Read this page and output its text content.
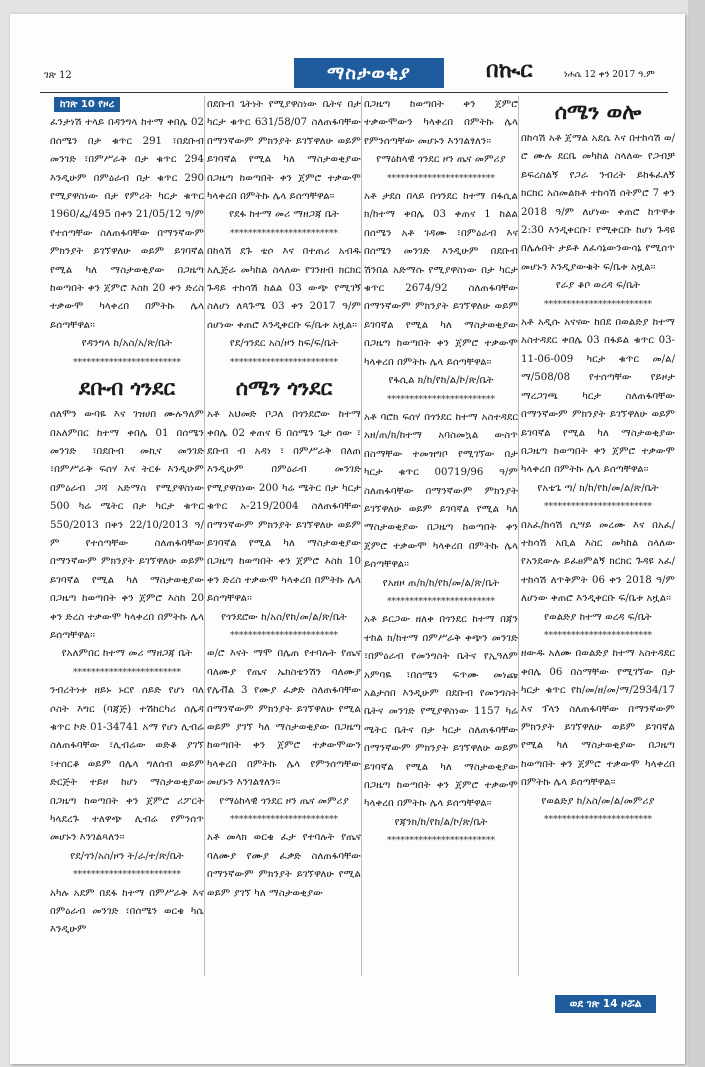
ገጽ 12	ማስታወቂያ	በኲር	ነሐሴ 12 ቀን 2017 ዓ.ም
ከገጽ 10 የዞረ
ፈንታነሽ ተላይ በዳንግላ ከተማ ቀበሌ 02 በሰሜን በታ ቁጥር 291 ፣በደቡብ መንገድ ፣በምሥራቅ በታ ቁጥር 294 እንዲሁም በምዕራብ በታ ቁጥር 290 የሚያዋስነው በታ የምሪት ካርታ ቁጥር 1960/ፌ/495 በቀን 21/05/12 ዓ/ም የተሰጣቸው ስለጠፋባቸው በማንኛውም ምክንያት ይገኘዋለሁ ወይም ይገባኛል የሚል ካለ ማስታወቂያው በጋዜጣ ከወጣበት ቀን ጀምሮ እስከ 20 ቀን ድረስ ተቃውሞ ካላቀረበ በምትኩ ሌላ ይሰጣቸዋል፡፡
የዳንግላ ከ/አስ/አ/ጽ/ቤት
************************
ደቡብ ጎንደር
ሰለሞን ውባዬ እና ገዝሀበ ሙሉዓለም በአለምበር ከተማ ቀበሌ 01 በሰሜን መንገድ ፣በደቡብ መኪና መንገድ ፣በምሥራቅ ፍሰሃ እና ትርፉ እንዲሁም በምዕራብ ጋሻ አድማስ የሚያዋስነው 500 ካሬ ሜትር በታ ካርታ ቁጥር 550/2013 በቀን 22/10/2013 ዓ/ም የተሰጣቸው ስለጠፋባቸው በማንኛውም ምክንያት ይገኘዋለሁ ወይም ይገባኛል የሚል ካለ ማስታወቂያው በጋዜጣ ከወጣበት ቀን ጀምሮ እስከ 20 ቀን ድረስ ተቃውሞ ካላቀረበ በምትኩ ሌላ ይሰጣቸዋል፡፡
የአለምበር ከተማ መሪ ማዘጋጃ ቤት
************************
ንብረትነቱ ዘይኑ ኑርየ ሰይድ የሆነ ባለ ሶስት እግር (ባጃጅ) ተሽከርካሪ ሰሌዳ ቁጥር ኮድ 01-34741 አማ የሆነ ሊብሬ ስለጠፋባቸው ፣ሊብሬው ወድቆ ያገኘ ፣ተሰርቆ ወይም በሌላ ግለሰብ ወይም ድርጅት ተይዞ ከሆነ ማስታወቂያው በጋዜጣ ከወጣበት ቀን ጀምሮ ሪፖርት ካላደረጉ ተለዋጭ ሊብሬ የምንሰጥ መሆኑን እንገልጻለን፡፡
የደ/ጎን/አስ/ዞን ት/ራ/ተ/ጽ/ቤት
************************
አካሉ አደም በደፋ ከተማ በምሥራቅ እና በምዕራብ መንገድ ፣በሰሜን ወርቄ ካሴ እንዲሁም
በደቡብ ጌትነት የሚያዋስነው ቤትና በታ ካርታ ቁጥር 631/58/07 ስለጠፋባቸው በማንኛውም ምክንያት ይገኘዋለሁ ወይም ይገባኛል የሚል ካለ ማስታወቂያው በጋዜጣ ከወጣበት ቀን ጀምሮ ተቃውሞ ካላቀረበ በምትኩ ሌላ ይሰጣቸዋል፡፡
የደፋ ከተማ መሪ ማዘጋጃ ቤት
************************
በከላሽ ደጉ ቴሶ እና በተጠሪ አብዱ አሊጅራ መካከል ስላለው የገንዘብ ክርክር ጉዳይ ተከሳሽ ከልል 03 ውጭ የሚገኝ ስለሆነ ለጳጉሜ 03 ቀን 2017 ዓ/ም ሰሆነው ቀጠሮ እንዲቀርቡ ፍ/ቤቱ አዟል፡፡
የደ/ጎንደር አስ/ዞን ከፍ/ፍ/ቤት
************************
ሰሜን ጎንደር
አቶ አህመድ ቦጋለ በጎንደሮው ከተማ ቀበሌ 02 ቀጠና 6 በሰሜን ጌታ ሰው ፣ ደቡብ ብ አዳነ ፣ በምሥራቅ በለጠ እንዲሁም በምዕራብ መንገድ የሚያዋስነው 200 ካሬ ሜትር በታ ካርታ ቁጥር አ-219/2004 ስለጠፋባቸው በማንኛውም ምክንያት ይገኘዋለሁ ወይም ይገባኛል የሚል ካለ ማስታወቂያው በጋዜጣ ከወጣበት ቀን ጀምሮ እስከ 10 ቀን ድረስ ተቃውሞ ካላቀረበ በምትኩ ሌላ ይሰጣቸዋል፡፡
የጎንደሮው ከ/አስ/የከ/መ/ል/ጽ/ቤት
************************
ወ/ሮ እናት ማሞ በሌጠ የተባሉት የጤና ባለሙያ የጤና ኤክስቴንሽን ባለሙያ የሌቭል 3 የሙያ ፈቃድ ስለጠፋባቸው በማንኛውም ምክንያት ይገኘዋለሁ የሚል ወይም ያገኘ ካለ ማስታወቂያው በጋዜጣ ከወጣበት ቀን ጀምሮ ተቃውሞውን ካላቀረበ በምትኩ ሌላ የምንሰጣቸው መሆኑን እንገልፃለን፡፡
የማዕከላዊ ጎንደር ዞን ጤና መምሪያ
************************
አቶ መላክ ወርቄ ፈታ የተባሉት የጤና ባለሙያ የሙያ ፈቃድ ስለጠፋባቸው በማንኛውም ምክንያት ይገኘዋለሁ የሚል ወይም ያገኘ ካለ ማስታወቂያው
በጋዜጣ ከወጣበት ቀን ጀምሮ ተቃውሞውን ካላቀረበ በምትኩ ሌላ የምንሰጣቸው መሆኑን እንገልፃለን፡፡
የማዕከላዊ ጎንደር ዞን ጤና መምሪያ
************************
አቶ ታደሰ በላይ በጎንደር ከተማ በፋሲል ክ/ከተማ ቀበሌ 03 ቀጠና 1 ከልል በሰሜን አቶ ገዳሙ ፣በምዕራብ እና በሰሜን መንገድ እንዲሁም በደቡብ ሽንበል አድማሱ የሚያዋስነው በታ ካርታ ቁጥር 2674/92 ስለጠፋባቸው በማንኛውም ምክንያት ይገኘዋለሁ ወይም ይገባኛል የሚል ካለ ማስታወቂያው በጋዜጣ ከወጣበት ቀን ጀምሮ ተቃውሞ ካላቀረበ በምትኩ ሌላ ይሰጣቸዋል፡፡
የፋሲል ክ/ከ/የከ/ል/ኮ/ጽ/ቤት
************************
አቶ ባሮክ ፍሰሃ በጎንደር ከተማ አስተዳደር አዘ/ጠ/ክ/ከተማ አባስመኳል ውስጥ በስማቸው ተመዝግቦ የሚገኘው በታ ካርታ ቁጥር 00719/96 ዓ/ም ስለጠፋባቸው በማንኛውም ምክንያት ይገኘዋለሁ ወይም ይገባኛል የሚል ካለ ማስታወቂያው በጋዜጣ ከወጣበት ቀን ጀምሮ ተቃውሞ ካላቀረበ በምትኩ ሌላ ይሰጣቸዋል፡፡
የአዘዞ ጠ/ክ/ከ/የከ/መ/ል/ጽ/ቤት
************************
አቶ ይርጋው ዘለቀ በጎንደር ከተማ በጃን ተከል ክ/ከተማ በምሥራቅ ቀጭን መንገድ ፣በምዕራብ የመንግስት ቤትና የኢዓለም አምባዬ ፣በሰሜን ፍጥሙ መነጩ አልታሰበ እንዲሁም በደቡብ የመንግስት ቤትና መንገድ የሚያዋስነው 1157 ካሬ ሜትር ቤትና በታ ካርታ ስለጠፋባቸው በማንኛውም ምክንያት ይገኘዋለሁ ወይም ይገባኛል የሚል ካለ ማስታወቂያው በጋዜጣ ከወጣበት ቀን ጀምሮ ተቃውሞ ካላቀረበ በምትኩ ሌላ ይሰጣቸዋል፡፡
የጃንክ/ከ/የከ/ል/ኮ/ጽ/ቤት
************************
ሰሜን ወሎ
በከሳሽ አቶ ጀማል አደሴ እና በተከሳሽ ወ/ሮ ሙሉ ደርቤ መካከል ስላለው የጋብቻ ይፍረስልኝ የጋራ ንብረት ይከፋፈለኝ ክርክር አስመልክቶ ተከሳሽ ሰትምሮ 7 ቀን 2018 ዓ/ም ለሆነው ቀጠሮ ከጥዋቱ 2:30 እንዲቀርቡ፣ የሚቀርቡ ከሆነ ጉዳዩ በሌሉበት ታይቶ ለፈሳኔውንውሳኔ የሚሰጥ መሆኑን እንዲያውቁት ፍ/ቤቱ አዟል፡፡
የራያ ቆቦ ወረዳ ፍ/ቤት
************************
አቶ አዲሱ አናናው ከበደ በወልድያ ከተማ አስተዳደር ቀበሌ 03 በፋይል ቁጥር 03-11-06-009 ካርታ ቁጥር መ/ል/ማ/508/08 የተሰጣቸው የይዞታ ማረጋገጫ ካርታ ስለጠፋባቸው በማንኛውም ምክንያት ይገኘዋለሁ ወይም ይገባኛል የሚል ካለ ማስታወቂያው በጋዜጣ ከወጣበት ቀን ጀምሮ ተቃውሞ ካላቀረበ በምትኩ ሌላ ይሰጣቸዋል፡፡
የአቴጌ ጣ/ ክ/ከ/የከ/መ/ል/ጽ/ቤት
************************
በአፈ/ከሳሽ ሲሣይ መረሙ እና በአፈ/ተከሳሽ አቢል እስር መካከል ስላለው የአንደውሉ ይፈፀምልኝ ክርክር ጉዳዩ አፈ/ተከሳሽ ለጥቅምት 06 ቀን 2018 ዓ/ም ለሆነው ቀጠሮ እንዲቀርቡ ፍ/ቤቱ አዟል፡፡
የወልድያ ከተማ ወረዳ ፍ/ቤት
************************
ዘውዱ አለሙ በወልድያ ከተማ አስተዳደር ቀበሌ 06 በስማቸው የሚገኘው በታ ካርታ ቁጥር የከ/መ/ዘ/መ/ማ/2934/17 እና ፕላን ስለጠፋባቸው በማንኛውም ምክንያት ይገኘዋለሁ ወይም ይገባኛል የሚል ካለ ማስታወቂያው በጋዜጣ ከወጣበት ቀን ጀምሮ ተቃውሞ ካላቀረበ በምትኩ ሌላ ይሰጣቸዋል፡፡
የወልድያ ከ/አስ/መ/ል/መምሪያ
************************
ወደ ገጽ 14 ዞሯል
